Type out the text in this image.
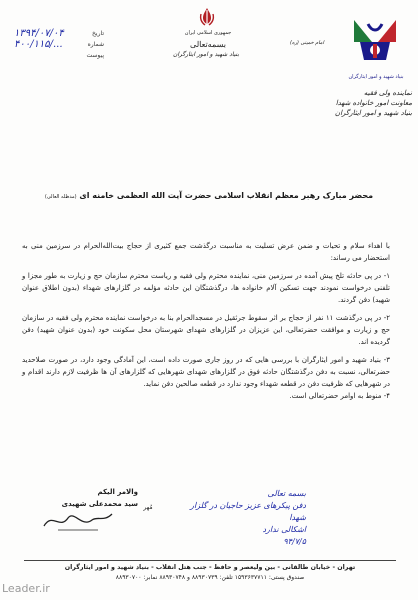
جمهوری اسلامی ایران
بسمه‌تعالی	امام خمینی (ره)
بنیاد شهید و امور ایثارگران
بنیاد شهید و امور ایثارگران
نماینده ولی فقیه
معاونت امور خانواده شهدا
بنیاد شهید و امور ایثارگران
۱۳۹۴/۰۷/۰۴	تاریخ
۴۰۰/۱۱۵/...	شماره
پیوست
محضر مبارک رهبر معظم انقلاب اسلامی حضرت آیت الله العظمی خامنه ای (مدظله العالی)

با اهداء سلام و تحیات و ضمن عرض تسلیت به مناسبت درگذشت جمع کثیری از حجاج بیت‌الله‌الحرام در سرزمین منی به استحضار می رساند:

۱- در پی حادثه تلخ پیش آمده در سرزمین منی، نماینده محترم ولی فقیه و ریاست محترم سازمان حج و زیارت به طور مجزا و تلفنی درخواست نمودند جهت تسکین آلام خانواده ها، درگذشتگان این حادثه مؤلمه در گلزارهای شهداء (بدون اطلاق عنوان شهید) دفن گردند.

۲- در پی درگذشت ۱۱ نفر از حجاج بر اثر سقوط جرثقیل در مسجدالحرام بنا به درخواست نماینده محترم ولی فقیه در سازمان حج و زیارت و موافقت حضرتعالی، این عزیزان در گلزارهای شهدای شهرستان محل سکونت خود (بدون عنوان شهید) دفن گردیده اند.

۳- بنیاد شهید و امور ایثارگران با بررسی هایی که در روز جاری صورت داده است، این آمادگی وجود دارد، در صورت صلاحدید حضرتعالی، نسبت به دفن درگذشتگان حادثه فوق در گلزارهای شهدای شهرهایی که گلزارهای آن ها ظرفیت لازم دارند اقدام و در شهرهایی که ظرفیت دفن در قطعه شهداء وجود ندارد در قطعه صالحین دفن نماید.

۴- منوط به اوامر حضرتعالی است.

والامر الیکم
سید محمدعلی شهیدی مُهر
بسمه تعالی
دفن پیکرهای عزیز حاجیان در گلزار شهدا
اشکالی ندارد
۹۴/۷/۵
تهران - خیابان طالقانی - بین ولیعصر و حافظ - جنب هتل انقلاب - بنیاد شهید و امور ایثارگران
صندوق پستی: ۱۵۹۳۶۳۷۷۱۱ تلفن: ۸۸۹۳۰۷۳۹ و ۸۸۹۳۰۷۴۸ نمابر: ۸۸۹۳۰۷۰۰
Leader.ir
